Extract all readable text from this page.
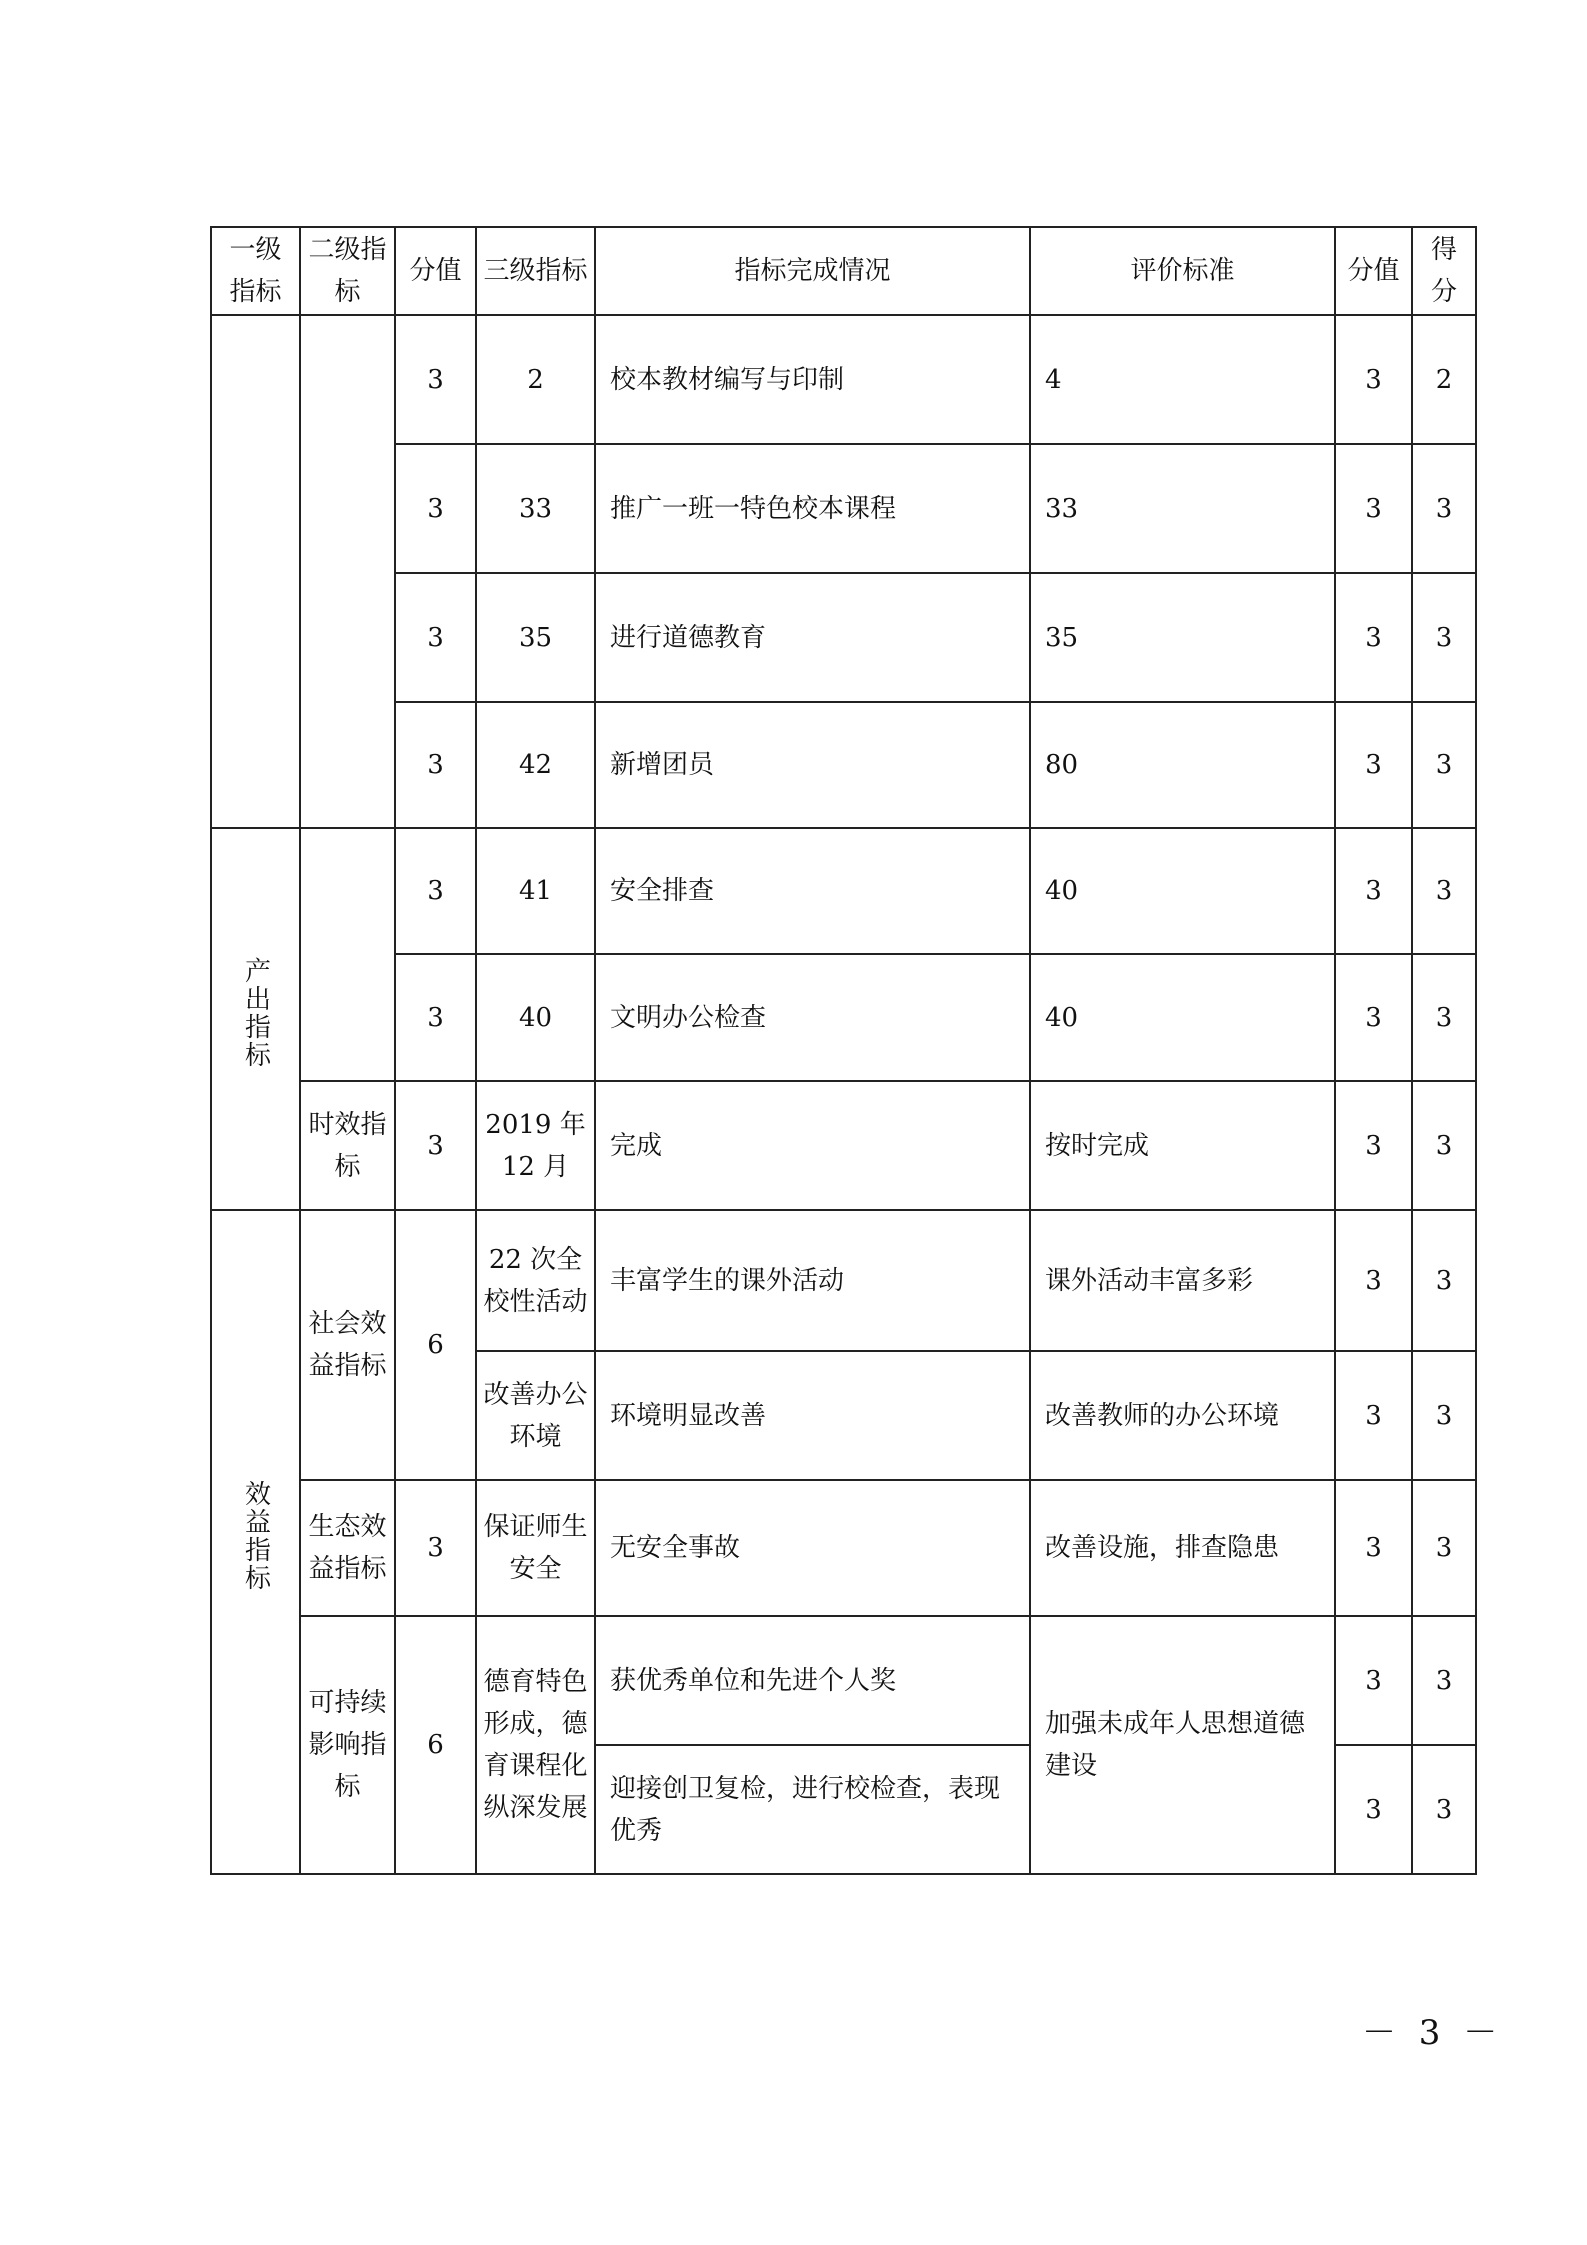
一级指标	二级指标	分值	三级指标	指标完成情况	评价标准	分值	得分
		3	2	校本教材编写与印制	4	3	2
		3	33	推广一班一特色校本课程	33	3	3
		3	35	进行道德教育	35	3	3
		3	42	新增团员	80	3	3
产出指标		3	41	安全排查	40	3	3
		3	40	文明办公检查	40	3	3
	时效指标	3	2019 年 12 月	完成	按时完成	3	3
效益指标	社会效益指标	6	22 次全校性活动	丰富学生的课外活动	课外活动丰富多彩	3	3
			改善办公环境	环境明显改善	改善教师的办公环境	3	3
	生态效益指标	3	保证师生安全	无安全事故	改善设施，排查隐患	3	3
	可持续影响指标	6	德育特色形成，德育课程化纵深发展	获优秀单位和先进个人奖	加强未成年人思想道德建设	3	3
				迎接创卫复检，进行校检查，表现优秀		3	3
－ 3 －
